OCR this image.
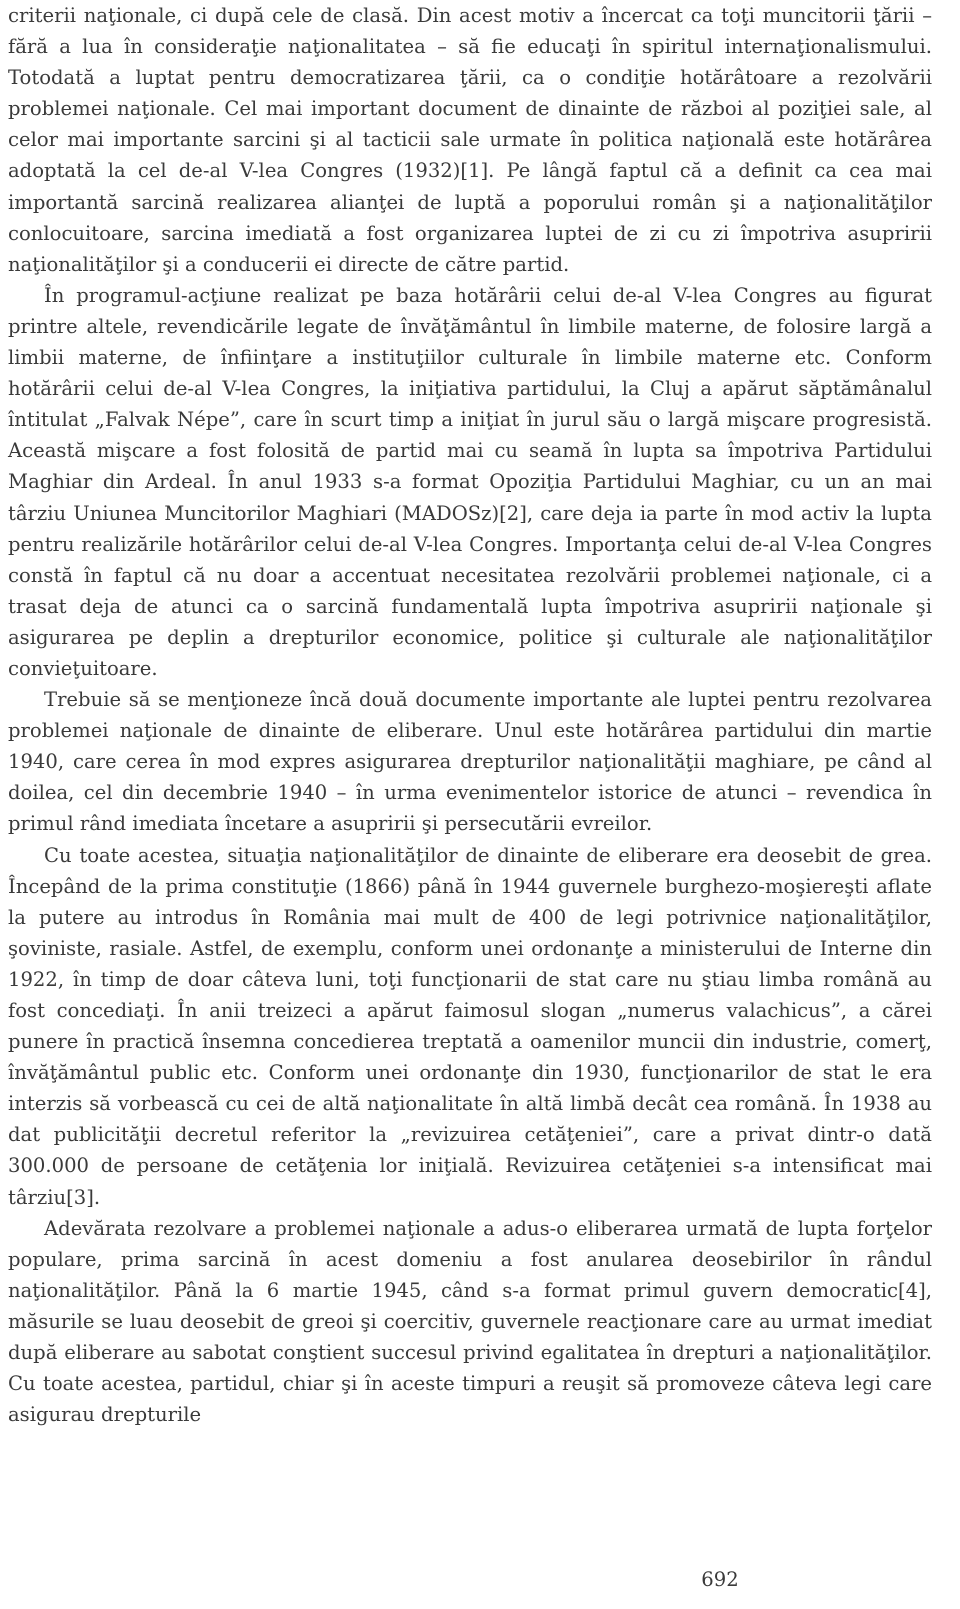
criterii naţionale, ci după cele de clasă. Din acest motiv a încercat ca toţi muncitorii ţării – fără a lua în consideraţie naţionalitatea – să fie educaţi în spiritul internaţionalismului. Totodată a luptat pentru democratizarea ţării, ca o condiţie hotărâtoare a rezolvării problemei naţionale. Cel mai important document de dinainte de război al poziţiei sale, al celor mai importante sarcini şi al tacticii sale urmate în politica naţională este hotărârea adoptată la cel de-al V-lea Congres (1932)[1]. Pe lângă faptul că a definit ca cea mai importantă sarcină realizarea alianţei de luptă a poporului român şi a naţionalităţilor conlocuitoare, sarcina imediată a fost organizarea luptei de zi cu zi împotriva asupririi naţionalităţilor şi a conducerii ei directe de către partid.

În programul-acţiune realizat pe baza hotărârii celui de-al V-lea Congres au figurat printre altele, revendicările legate de învăţământul în limbile materne, de folosire largă a limbii materne, de înfiinţare a instituţiilor culturale în limbile materne etc. Conform hotărârii celui de-al V-lea Congres, la iniţiativa partidului, la Cluj a apărut săptămânalul întitulat „Falvak Népe”, care în scurt timp a iniţiat în jurul său o largă mişcare progresistă. Această mişcare a fost folosită de partid mai cu seamă în lupta sa împotriva Partidului Maghiar din Ardeal. În anul 1933 s-a format Opoziţia Partidului Maghiar, cu un an mai târziu Uniunea Muncitorilor Maghiari (MADOSz)[2], care deja ia parte în mod activ la lupta pentru realizările hotărârilor celui de-al V-lea Congres. Importanţa celui de-al V-lea Congres constă în faptul că nu doar a accentuat necesitatea rezolvării problemei naţionale, ci a trasat deja de atunci ca o sarcină fundamentală lupta împotriva asupririi naţionale şi asigurarea pe deplin a drepturilor economice, politice şi culturale ale naţionalităţilor convieţuitoare.

Trebuie să se menţioneze încă două documente importante ale luptei pentru rezolvarea problemei naţionale de dinainte de eliberare. Unul este hotărârea partidului din martie 1940, care cerea în mod expres asigurarea drepturilor naţionalităţii maghiare, pe când al doilea, cel din decembrie 1940 – în urma evenimentelor istorice de atunci – revendica în primul rând imediata încetare a asupririi şi persecutării evreilor.

Cu toate acestea, situaţia naţionalităţilor de dinainte de eliberare era deosebit de grea. Începând de la prima constituţie (1866) până în 1944 guvernele burghezo-moşiereşti aflate la putere au introdus în România mai mult de 400 de legi potrivnice naţionalităţilor, şoviniste, rasiale. Astfel, de exemplu, conform unei ordonanţe a ministerului de Interne din 1922, în timp de doar câteva luni, toţi funcţionarii de stat care nu ştiau limba română au fost concediaţi. În anii treizeci a apărut faimosul slogan „numerus valachicus”, a cărei punere în practică însemna concedierea treptată a oamenilor muncii din industrie, comerţ, învăţământul public etc. Conform unei ordonanţe din 1930, funcţionarilor de stat le era interzis să vorbească cu cei de altă naţionalitate în altă limbă decât cea română. În 1938 au dat publicităţii decretul referitor la „revizuirea cetăţeniei”, care a privat dintr-o dată 300.000 de persoane de cetăţenia lor iniţială. Revizuirea cetăţeniei s-a intensificat mai târziu[3].

Adevărata rezolvare a problemei naţionale a adus-o eliberarea urmată de lupta forţelor populare, prima sarcină în acest domeniu a fost anularea deosebirilor în rândul naţionalităţilor. Până la 6 martie 1945, când s-a format primul guvern democratic[4], măsurile se luau deosebit de greoi şi coercitiv, guvernele reacţionare care au urmat imediat după eliberare au sabotat conştient succesul privind egalitatea în drepturi a naţionalităţilor. Cu toate acestea, partidul, chiar şi în aceste timpuri a reuşit să promoveze câteva legi care asigurau drepturile

692
